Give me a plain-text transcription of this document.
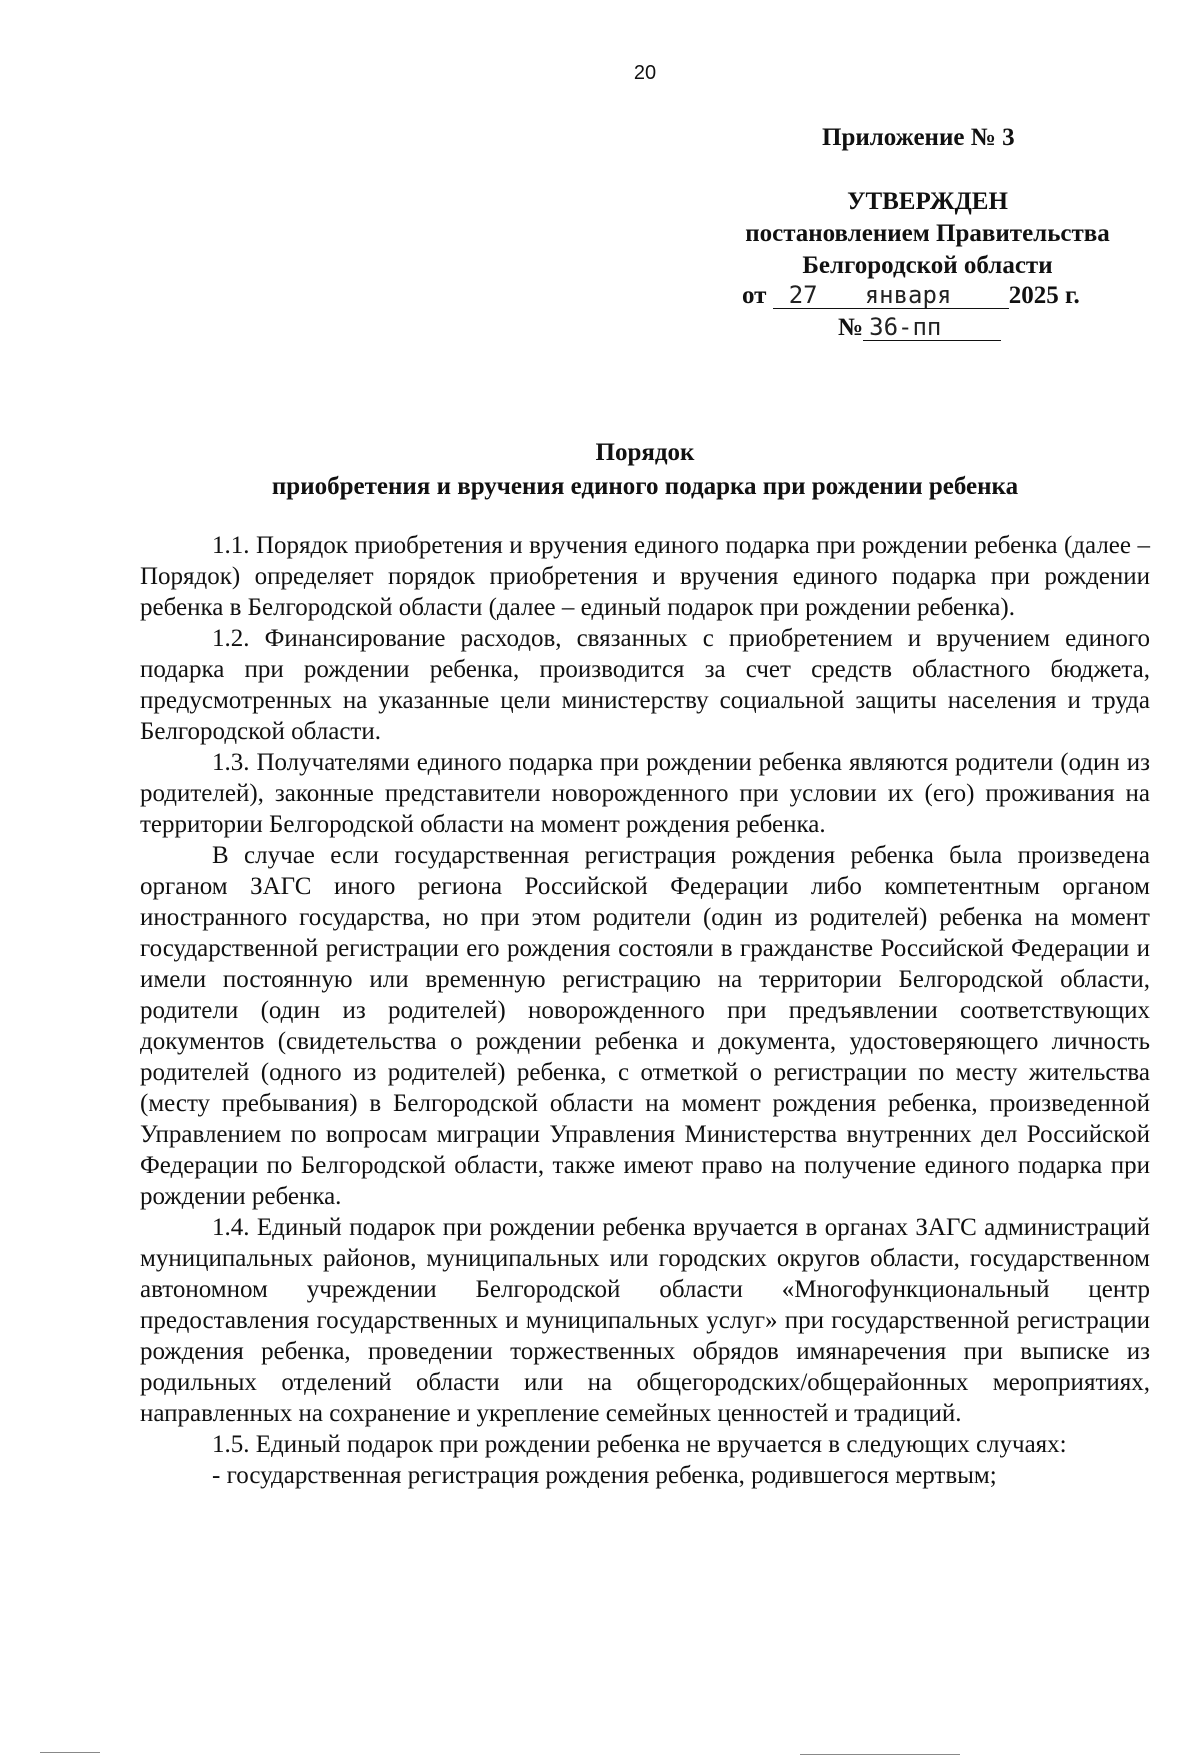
20
Приложение № 3
УТВЕРЖДЕН
постановлением Правительства
Белгородской области
от 27 января 2025 г.
№ 36-пп
Порядок
приобретения и вручения единого подарка при рождении ребенка

1.1. Порядок приобретения и вручения единого подарка при рождении ребенка (далее – Порядок) определяет порядок приобретения и вручения единого подарка при рождении ребенка в Белгородской области (далее – единый подарок при рождении ребенка).

1.2. Финансирование расходов, связанных с приобретением и вручением единого подарка при рождении ребенка, производится за счет средств областного бюджета, предусмотренных на указанные цели министерству социальной защиты населения и труда Белгородской области.

1.3. Получателями единого подарка при рождении ребенка являются родители (один из родителей), законные представители новорожденного при условии их (его) проживания на территории Белгородской области на момент рождения ребенка.

В случае если государственная регистрация рождения ребенка была произведена органом ЗАГС иного региона Российской Федерации либо компетентным органом иностранного государства, но при этом родители (один из родителей) ребенка на момент государственной регистрации его рождения состояли в гражданстве Российской Федерации и имели постоянную или временную регистрацию на территории Белгородской области, родители (один из родителей) новорожденного при предъявлении соответствующих документов (свидетельства о рождении ребенка и документа, удостоверяющего личность родителей (одного из родителей) ребенка, с отметкой о регистрации по месту жительства (месту пребывания) в Белгородской области на момент рождения ребенка, произведенной Управлением по вопросам миграции Управления Министерства внутренних дел Российской Федерации по Белгородской области, также имеют право на получение единого подарка при рождении ребенка.

1.4. Единый подарок при рождении ребенка вручается в органах ЗАГС администраций муниципальных районов, муниципальных или городских округов области, государственном автономном учреждении Белгородской области «Многофункциональный центр предоставления государственных и муниципальных услуг» при государственной регистрации рождения ребенка, проведении торжественных обрядов имянаречения при выписке из родильных отделений области или на общегородских/общерайонных мероприятиях, направленных на сохранение и укрепление семейных ценностей и традиций.

1.5. Единый подарок при рождении ребенка не вручается в следующих случаях:

- государственная регистрация рождения ребенка, родившегося мертвым;
